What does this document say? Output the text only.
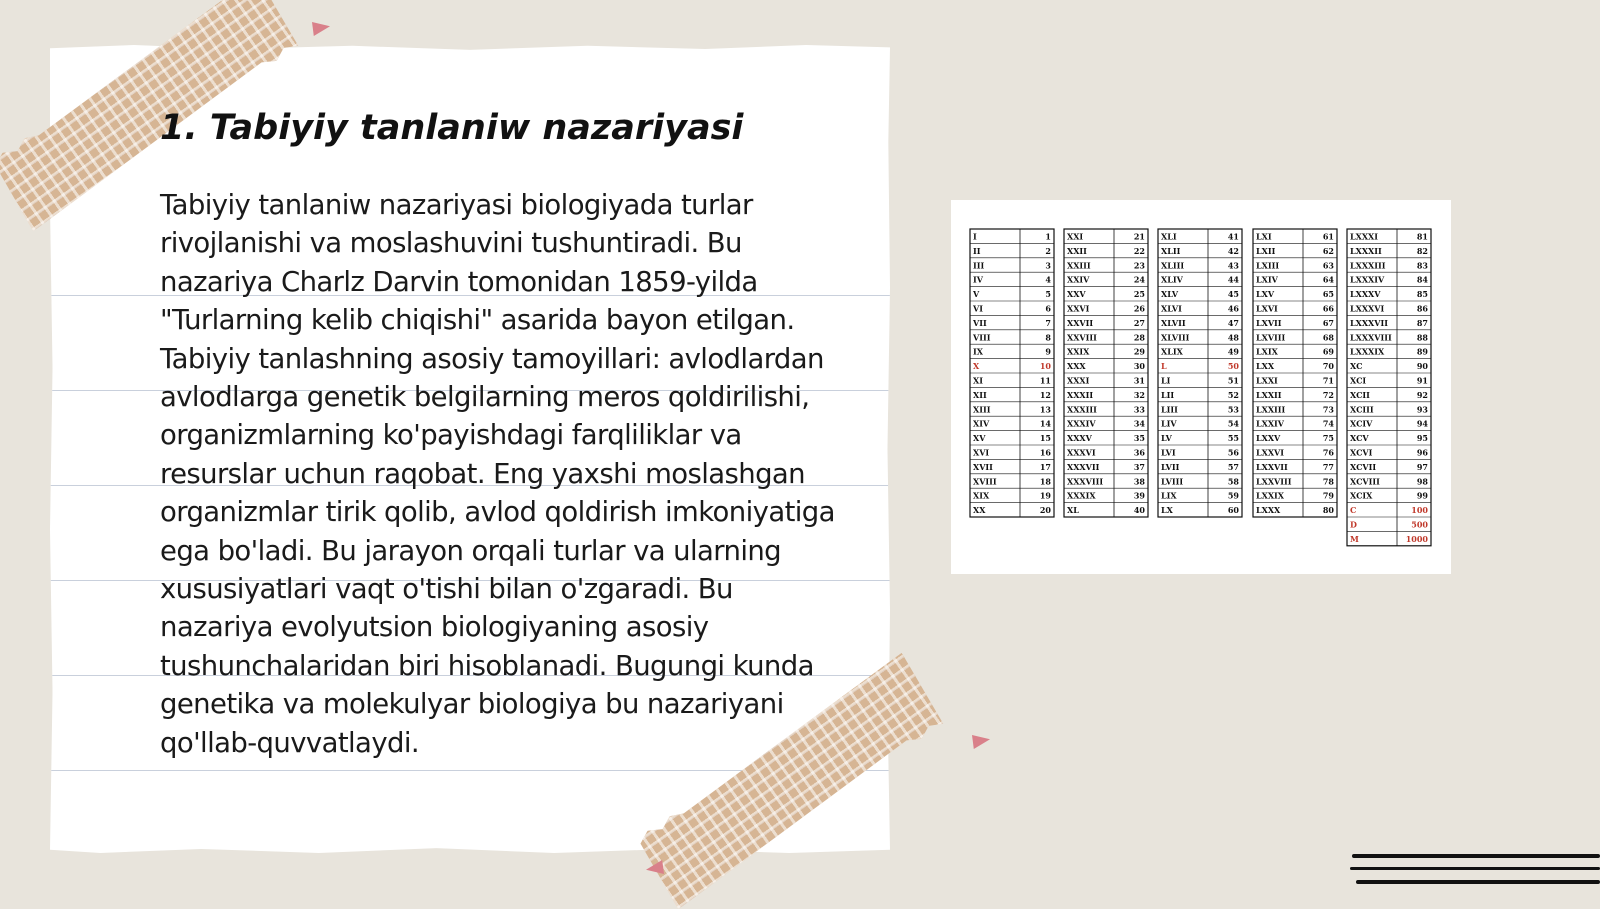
1. Tabiyiy tanlaniw nazariyasi

Tabiyiy tanlaniw nazariyasi biologiyada turlar rivojlanishi va moslashuvini tushuntiradi. Bu nazariya Charlz Darvin tomonidan 1859-yilda "Turlarning kelib chiqishi" asarida bayon etilgan. Tabiyiy tanlashning asosiy tamoyillari: avlodlardan avlodlarga genetik belgilarning meros qoldirilishi, organizmlarning ko'payishdagi farqliliklar va resurslar uchun raqobat. Eng yaxshi moslashgan organizmlar tirik qolib, avlod qoldirish imkoniyatiga ega bo'ladi. Bu jarayon orqali turlar va ularning xususiyatlari vaqt o'tishi bilan o'zgaradi. Bu nazariya evolyutsion biologiyaning asosiy tushunchalaridan biri hisoblanadi. Bugungi kunda genetika va molekulyar biologiya bu nazariyani qo'llab-quvvatlaydi.

I	1
II	2
III	3
IV	4
V	5
VI	6
VII	7
VIII	8
IX	9
X	10
XI	11
XII	12
XIII	13
XIV	14
XV	15
XVI	16
XVII	17
XVIII	18
XIX	19
XX	20
XXI	21
XXII	22
XXIII	23
XXIV	24
XXV	25
XXVI	26
XXVII	27
XXVIII	28
XXIX	29
XXX	30
XXXI	31
XXXII	32
XXXIII	33
XXXIV	34
XXXV	35
XXXVI	36
XXXVII	37
XXXVIII	38
XXXIX	39
XL	40
XLI	41
XLII	42
XLIII	43
XLIV	44
XLV	45
XLVI	46
XLVII	47
XLVIII	48
XLIX	49
L	50
LI	51
LII	52
LIII	53
LIV	54
LV	55
LVI	56
LVII	57
LVIII	58
LIX	59
LX	60
LXI	61
LXII	62
LXIII	63
LXIV	64
LXV	65
LXVI	66
LXVII	67
LXVIII	68
LXIX	69
LXX	70
LXXI	71
LXXII	72
LXXIII	73
LXXIV	74
LXXV	75
LXXVI	76
LXXVII	77
LXXVIII	78
LXXIX	79
LXXX	80
LXXXI	81
LXXXII	82
LXXXIII	83
LXXXIV	84
LXXXV	85
LXXXVI	86
LXXXVII	87
LXXXVIII	88
LXXXIX	89
XC	90
XCI	91
XCII	92
XCIII	93
XCIV	94
XCV	95
XCVI	96
XCVII	97
XCVIII	98
XCIX	99
C	100
D	500
M	1000
